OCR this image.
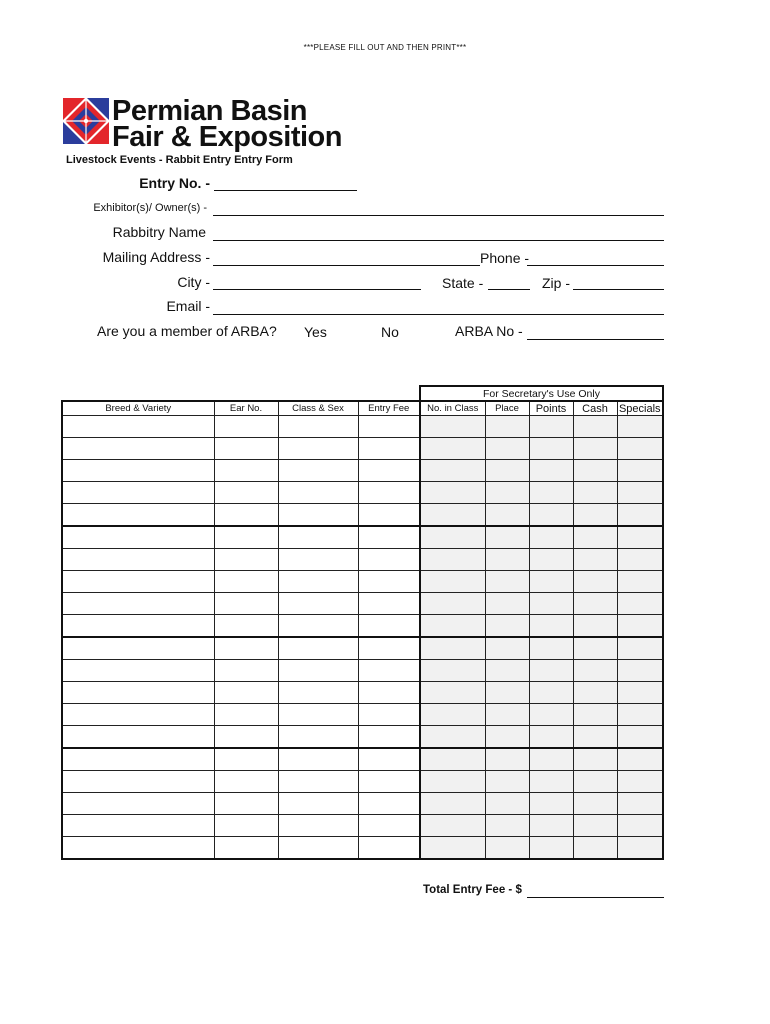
***PLEASE FILL OUT AND THEN PRINT***
Permian Basin
Fair & Exposition
Livestock Events - Rabbit Entry Entry Form
Entry No. -
Exhibitor(s)/ Owner(s) -
Rabbitry Name
Mailing Address -	Phone -
City -	State -	Zip -
Email -
Are you a member of ARBA? Yes	No	ARBA No -
				For Secretary's Use Only				
Breed & Variety	Ear No.	Class & Sex	Entry Fee	No. in Class	Place	Points	Cash	Specials

Total Entry Fee - $
